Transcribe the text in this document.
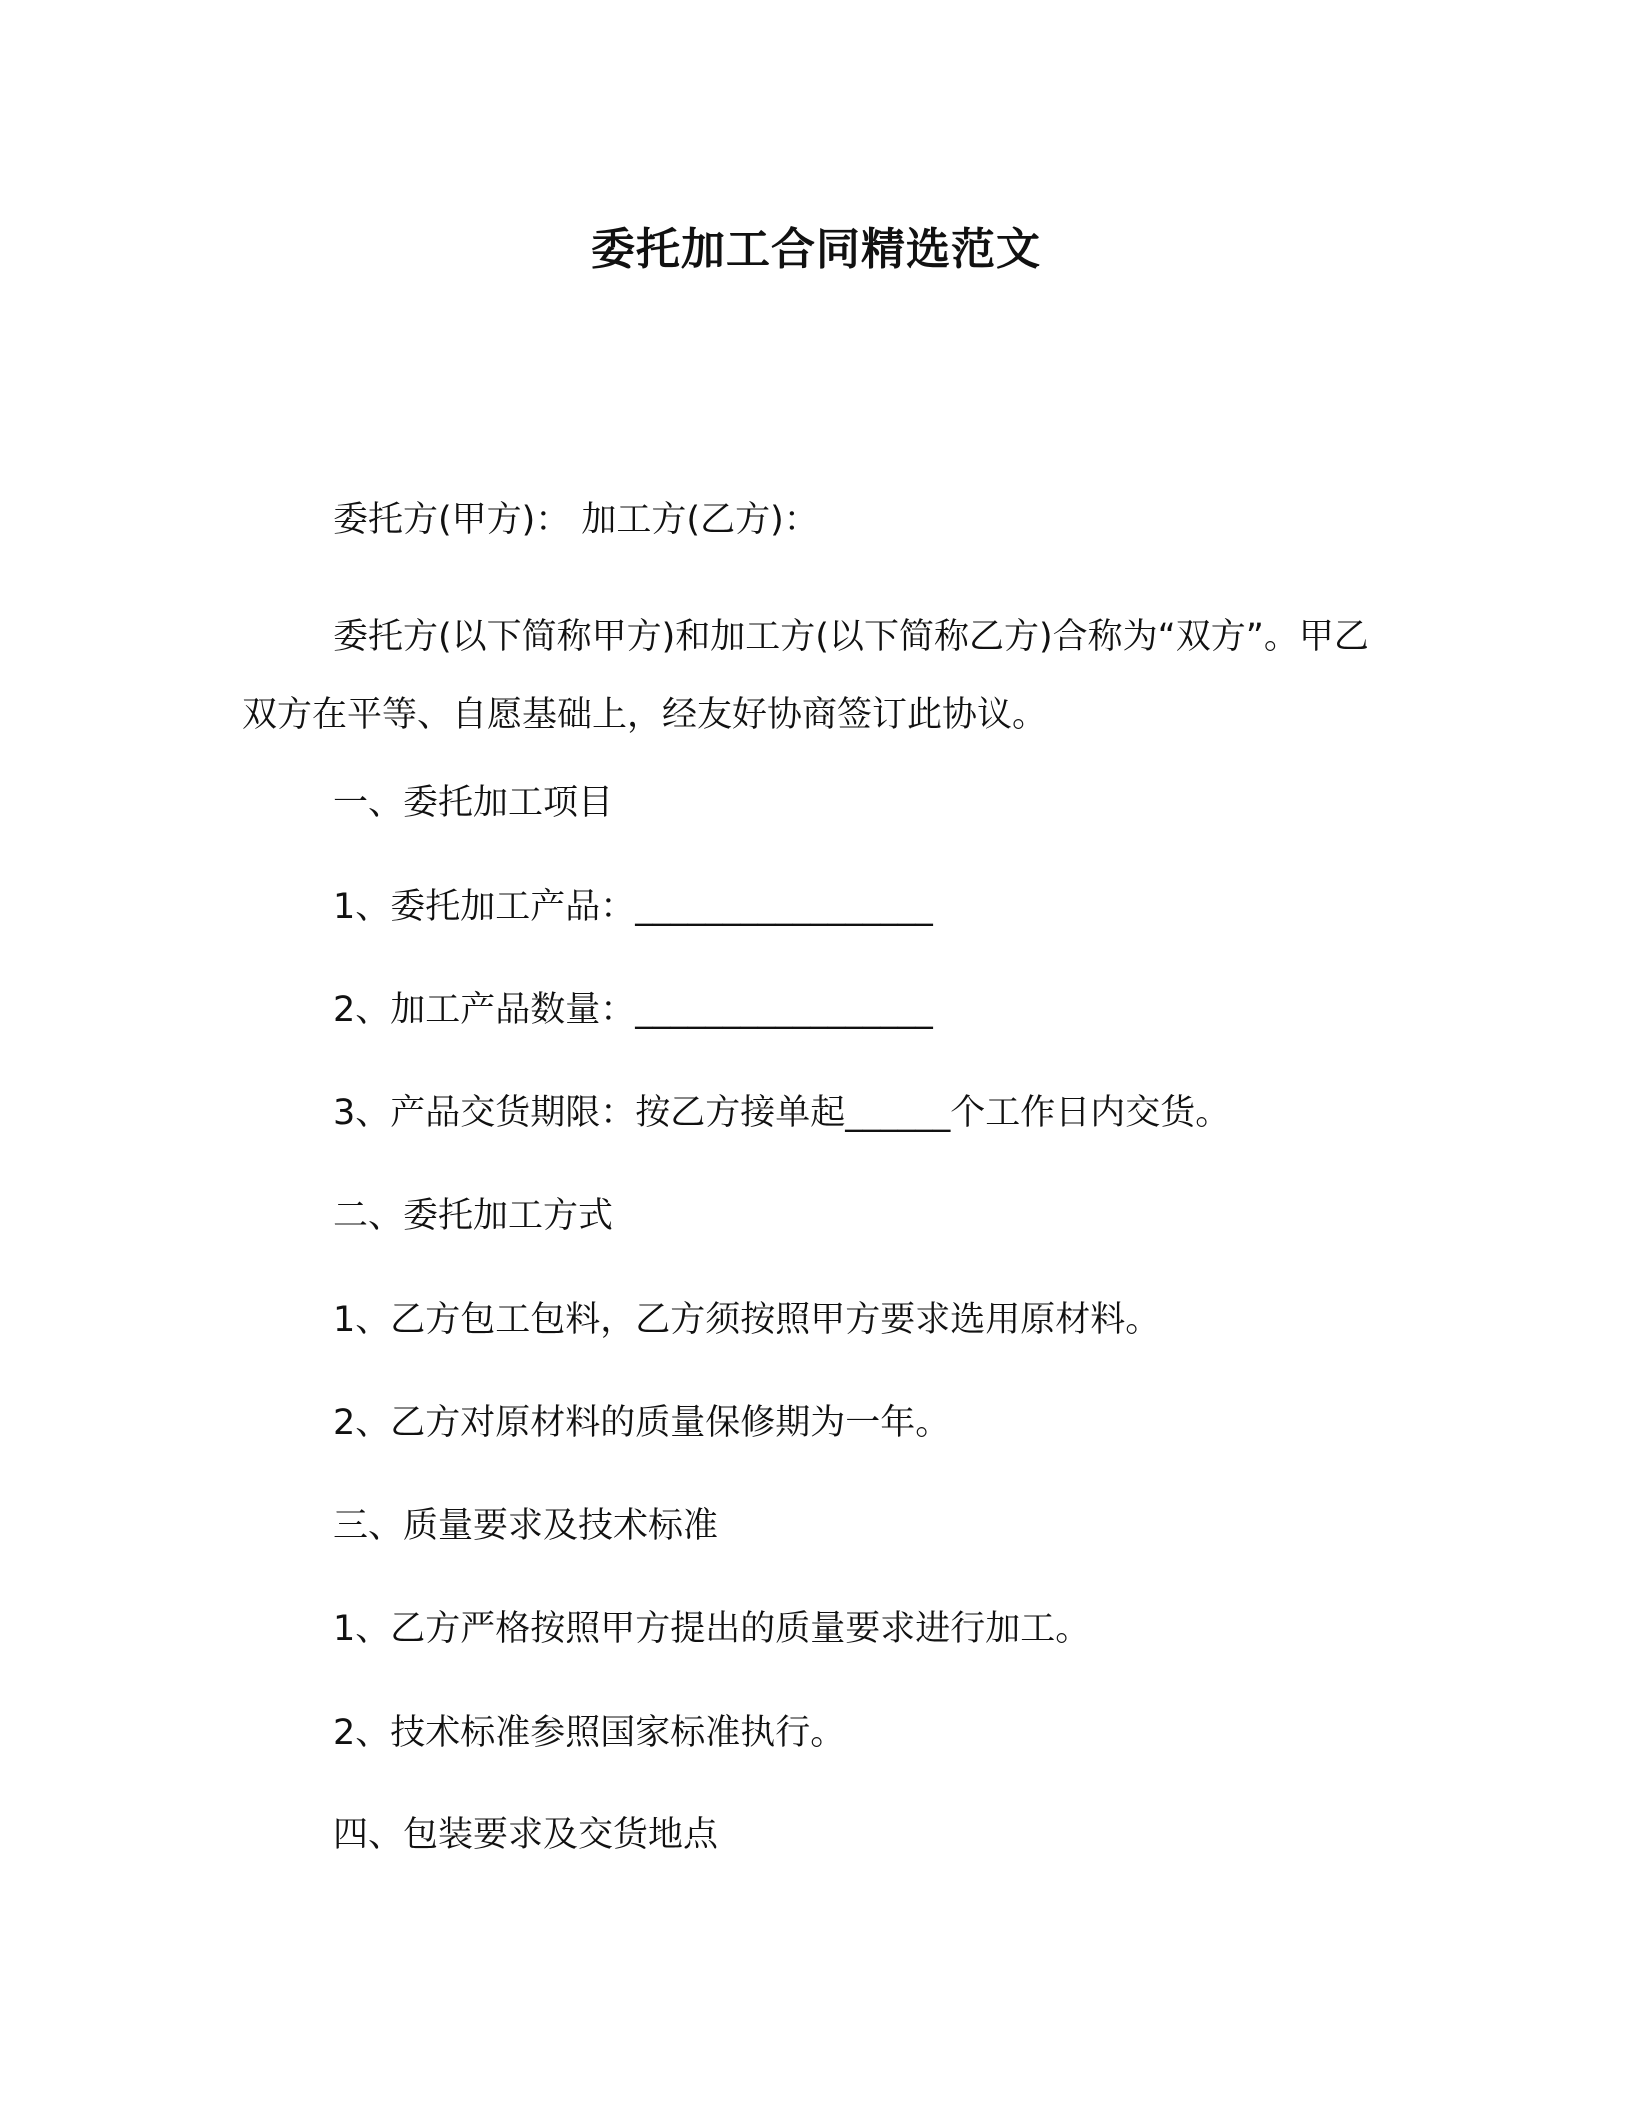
委托加工合同精选范文
委托方(甲方)： 加工方(乙方)：
委托方(以下简称甲方)和加工方(以下简称乙方)合称为“双方”。甲乙双方在平等、自愿基础上，经友好协商签订此协议。
一、委托加工项目
1、委托加工产品：_________________
2、加工产品数量：_________________
3、产品交货期限：按乙方接单起______个工作日内交货。
二、委托加工方式
1、乙方包工包料，乙方须按照甲方要求选用原材料。
2、乙方对原材料的质量保修期为一年。
三、质量要求及技术标准
1、乙方严格按照甲方提出的质量要求进行加工。
2、技术标准参照国家标准执行。
四、包装要求及交货地点
